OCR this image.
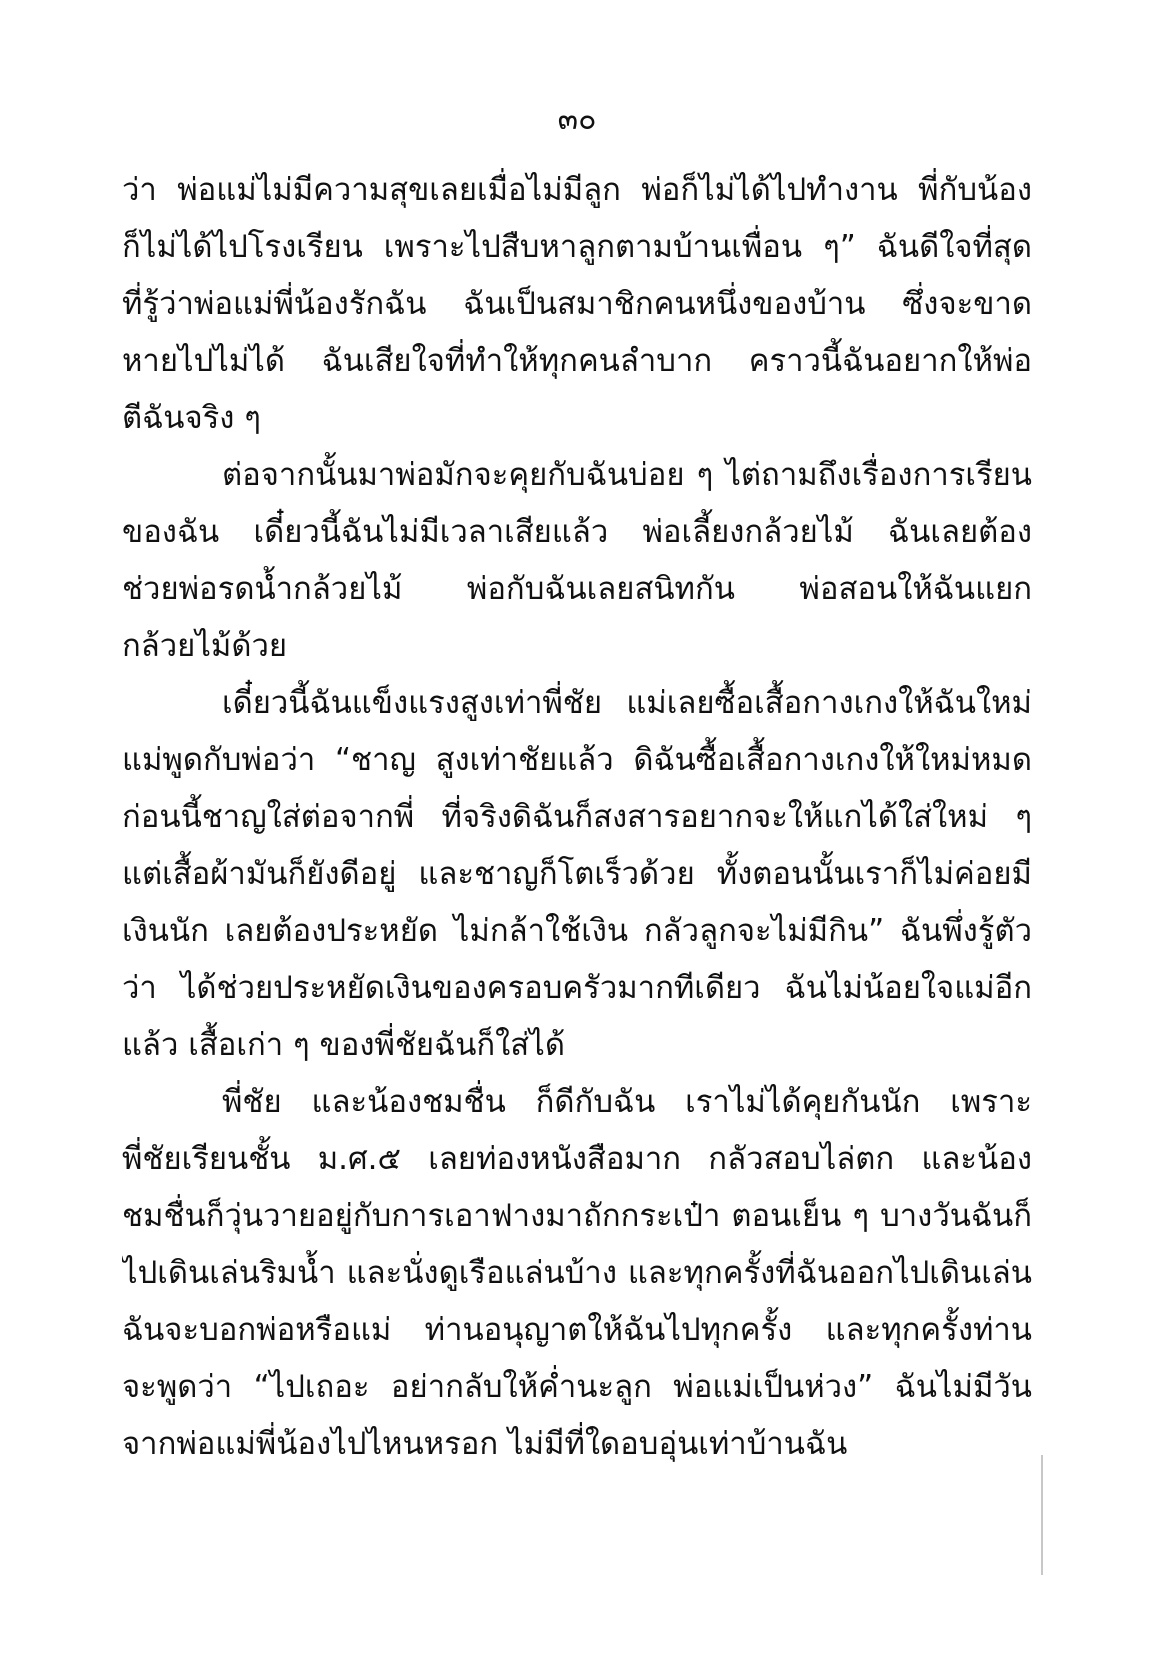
๓๐
ว่า พ่อแม่ไม่มีความสุขเลยเมื่อไม่มีลูก พ่อก็ไม่ได้ไปทำงาน พี่กับน้อง
ก็ไม่ได้ไปโรงเรียน เพราะไปสืบหาลูกตามบ้านเพื่อน ๆ” ฉันดีใจที่สุด
ที่รู้ว่าพ่อแม่พี่น้องรักฉัน ฉันเป็นสมาชิกคนหนึ่งของบ้าน ซึ่งจะขาด
หายไปไม่ได้ ฉันเสียใจที่ทำให้ทุกคนลำบาก คราวนี้ฉันอยากให้พ่อ
ตีฉันจริง ๆ
ต่อจากนั้นมาพ่อมักจะคุยกับฉันบ่อย ๆ ไต่ถามถึงเรื่องการเรียน
ของฉัน เดี๋ยวนี้ฉันไม่มีเวลาเสียแล้ว พ่อเลี้ยงกล้วยไม้ ฉันเลยต้อง
ช่วยพ่อรดน้ำกล้วยไม้ พ่อกับฉันเลยสนิทกัน พ่อสอนให้ฉันแยก
กล้วยไม้ด้วย
เดี๋ยวนี้ฉันแข็งแรงสูงเท่าพี่ชัย แม่เลยซื้อเสื้อกางเกงให้ฉันใหม่
แม่พูดกับพ่อว่า “ชาญ สูงเท่าชัยแล้ว ดิฉันซื้อเสื้อกางเกงให้ใหม่หมด
ก่อนนี้ชาญใส่ต่อจากพี่ ที่จริงดิฉันก็สงสารอยากจะให้แกได้ใส่ใหม่ ๆ
แต่เสื้อผ้ามันก็ยังดีอยู่ และชาญก็โตเร็วด้วย ทั้งตอนนั้นเราก็ไม่ค่อยมี
เงินนัก เลยต้องประหยัด ไม่กล้าใช้เงิน กลัวลูกจะไม่มีกิน” ฉันพึ่งรู้ตัว
ว่า ได้ช่วยประหยัดเงินของครอบครัวมากทีเดียว ฉันไม่น้อยใจแม่อีก
แล้ว เสื้อเก่า ๆ ของพี่ชัยฉันก็ใส่ได้
พี่ชัย และน้องชมชื่น ก็ดีกับฉัน เราไม่ได้คุยกันนัก เพราะ
พี่ชัยเรียนชั้น ม.ศ.๕ เลยท่องหนังสือมาก กลัวสอบไล่ตก และน้อง
ชมชื่นก็วุ่นวายอยู่กับการเอาฟางมาถักกระเป๋า ตอนเย็น ๆ บางวันฉันก็
ไปเดินเล่นริมน้ำ และนั่งดูเรือแล่นบ้าง และทุกครั้งที่ฉันออกไปเดินเล่น
ฉันจะบอกพ่อหรือแม่ ท่านอนุญาตให้ฉันไปทุกครั้ง และทุกครั้งท่าน
จะพูดว่า “ไปเถอะ อย่ากลับให้ค่ำนะลูก พ่อแม่เป็นห่วง” ฉันไม่มีวัน
จากพ่อแม่พี่น้องไปไหนหรอก ไม่มีที่ใดอบอุ่นเท่าบ้านฉัน
